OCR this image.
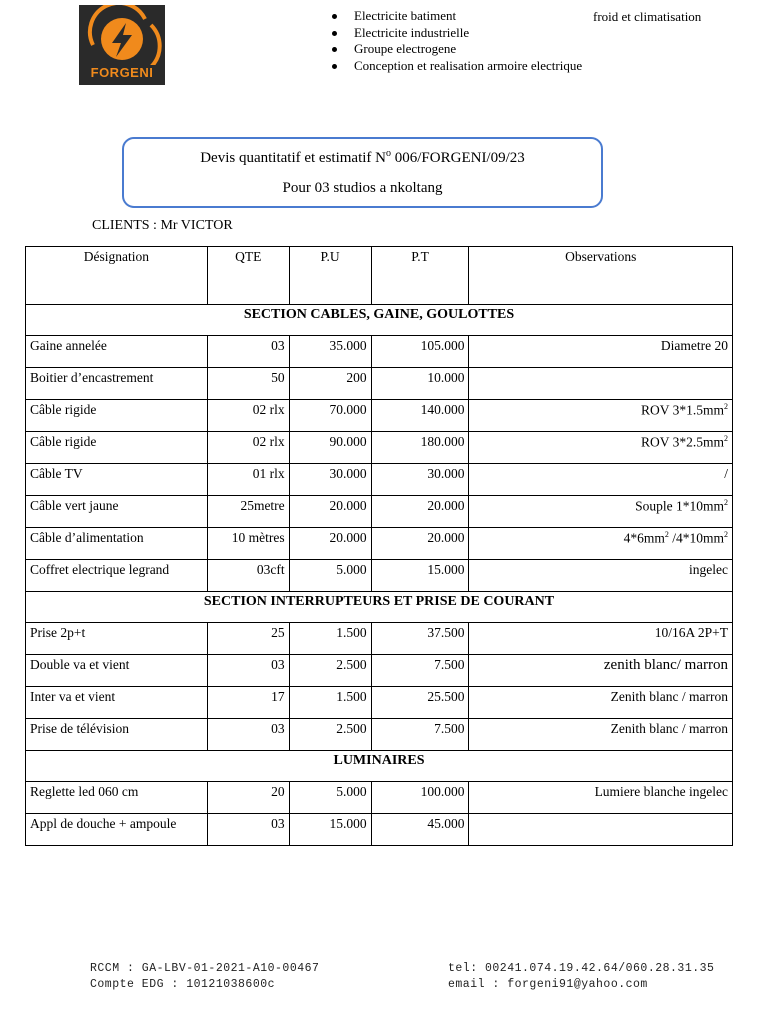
FORGENI
Electricite batiment
Electricite industrielle
Groupe electrogene
Conception et realisation armoire electrique
froid et climatisation
Devis quantitatif et estimatif $N^o$ 006/FORGENI/09/23
Pour 03 studios a nkoltang
CLIENTS : Mr VICTOR
Désignation	QTE	P.U	P.T	Observations
SECTION CABLES, GAINE, GOULOTTES				
Gaine annelée	03	35.000	105.000	Diametre 20
Boitier d’encastrement	50	200	10.000	
Câble rigide	02 rlx	70.000	140.000	ROV $3*1.5mm^2$
Câble rigide	02 rlx	90.000	180.000	ROV $3*2.5mm^2$
Câble TV	01 rlx	30.000	30.000	/
Câble vert jaune	25metre	20.000	20.000	Souple $1*10mm^2$
Câble d’alimentation	10 mètres	20.000	20.000	$4*6mm^2$ $/4*10mm^2$
Coffret electrique legrand	03cft	5.000	15.000	ingelec
SECTION INTERRUPTEURS ET PRISE DE COURANT				
Prise 2p+t	25	1.500	37.500	10/16A 2P+T
Double va et vient	03	2.500	7.500	zenith blanc/ marron
Inter va et vient	17	1.500	25.500	Zenith blanc / marron
Prise de télévision	03	2.500	7.500	Zenith blanc / marron
LUMINAIRES				
Reglette led 060 cm	20	5.000	100.000	Lumiere blanche ingelec
Appl de douche + ampoule	03	15.000	45.000	
RCCM : GA-LBV-01-2021-A10-00467
Compte EDG : 10121038600c
tel: 00241.074.19.42.64/060.28.31.35
email : forgeni91@yahoo.com
